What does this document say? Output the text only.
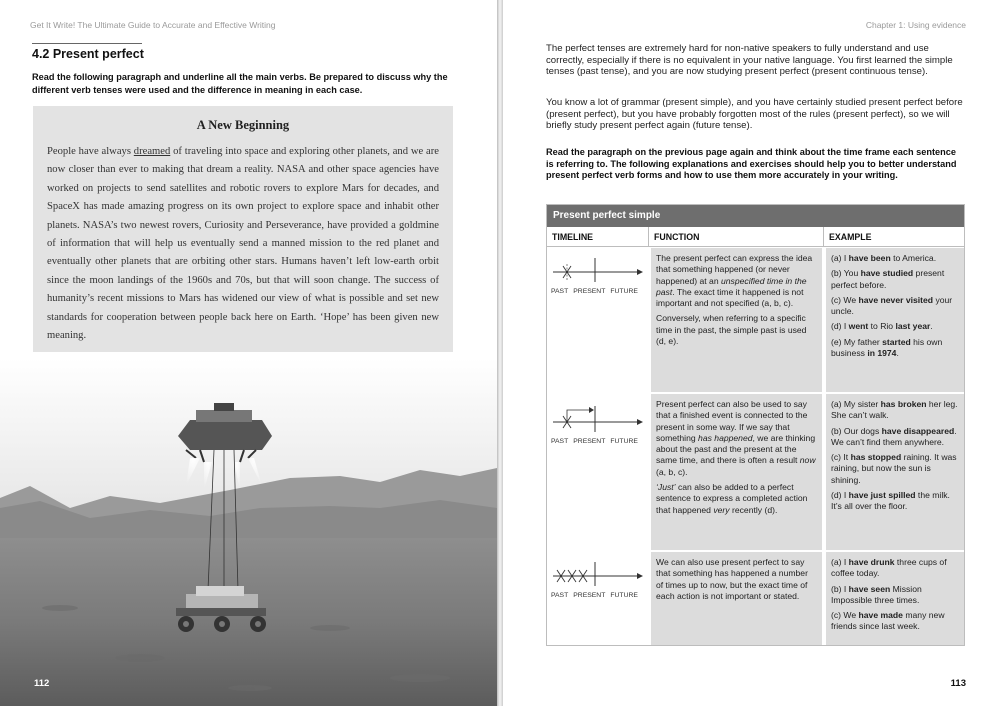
Get It Write! The Ultimate Guide to Accurate and Effective Writing
4.2 Present perfect
Read the following paragraph and underline all the main verbs. Be prepared to discuss why the different verb tenses were used and the difference in meaning in each case.
A New Beginning
People have always dreamed of traveling into space and exploring other planets, and we are now closer than ever to making that dream a reality. NASA and other space agencies have worked on projects to send satellites and robotic rovers to explore Mars for decades, and SpaceX has made amazing progress on its own project to explore space and inhabit other planets. NASA’s two newest rovers, Curiosity and Perseverance, have provided a goldmine of information that will help us eventually send a manned mission to the red planet and eventually other planets that are orbiting other stars. Humans haven’t left low-earth orbit since the moon landings of the 1960s and 70s, but that will soon change. The success of humanity’s recent missions to Mars has widened our view of what is possible and set new standards for cooperation between people back here on Earth. ‘Hope’ has been given new meaning.
112
Chapter 1: Using evidence
The perfect tenses are extremely hard for non-native speakers to fully understand and use correctly, especially if there is no equivalent in your native language. You first learned the simple tenses (past tense), and you are now studying present perfect (present continuous tense).
You know a lot of grammar (present simple), and you have certainly studied present perfect before (present perfect), but you have probably forgotten most of the rules (present perfect), so we will briefly study present perfect again (future tense).
Read the paragraph on the previous page again and think about the time frame each sentence is referring to. The following explanations and exercises should help you to better understand present perfect verb forms and how to use them more accurately in your writing.
Present perfect simple
TIMELINE	FUNCTION	EXAMPLE
PAST PRESENT FUTURE

The present perfect can express the idea that something happened (or never happened) at an unspecified time in the past. The exact time it happened is not important and not specified (a, b, c).

Conversely, when referring to a specific time in the past, the simple past is used (d, e).

(a) I have been to America.

(b) You have studied present perfect before.

(c) We have never visited your uncle.

(d) I went to Rio last year.

(e) My father started his own business in 1974.

PAST PRESENT FUTURE

Present perfect can also be used to say that a finished event is connected to the present in some way. If we say that something has happened, we are thinking about the past and the present at the same time, and there is often a result now (a, b, c).

‘Just’ can also be added to a perfect sentence to express a completed action that happened very recently (d).

(a) My sister has broken her leg. She can’t walk.

(b) Our dogs have disappeared. We can’t find them anywhere.

(c) It has stopped raining. It was raining, but now the sun is shining.

(d) I have just spilled the milk. It’s all over the floor.

PAST PRESENT FUTURE

We can also use present perfect to say that something has happened a number of times up to now, but the exact time of each action is not important or stated.

(a) I have drunk three cups of coffee today.

(b) I have seen Mission Impossible three times.

(c) We have made many new friends since last week.

113
